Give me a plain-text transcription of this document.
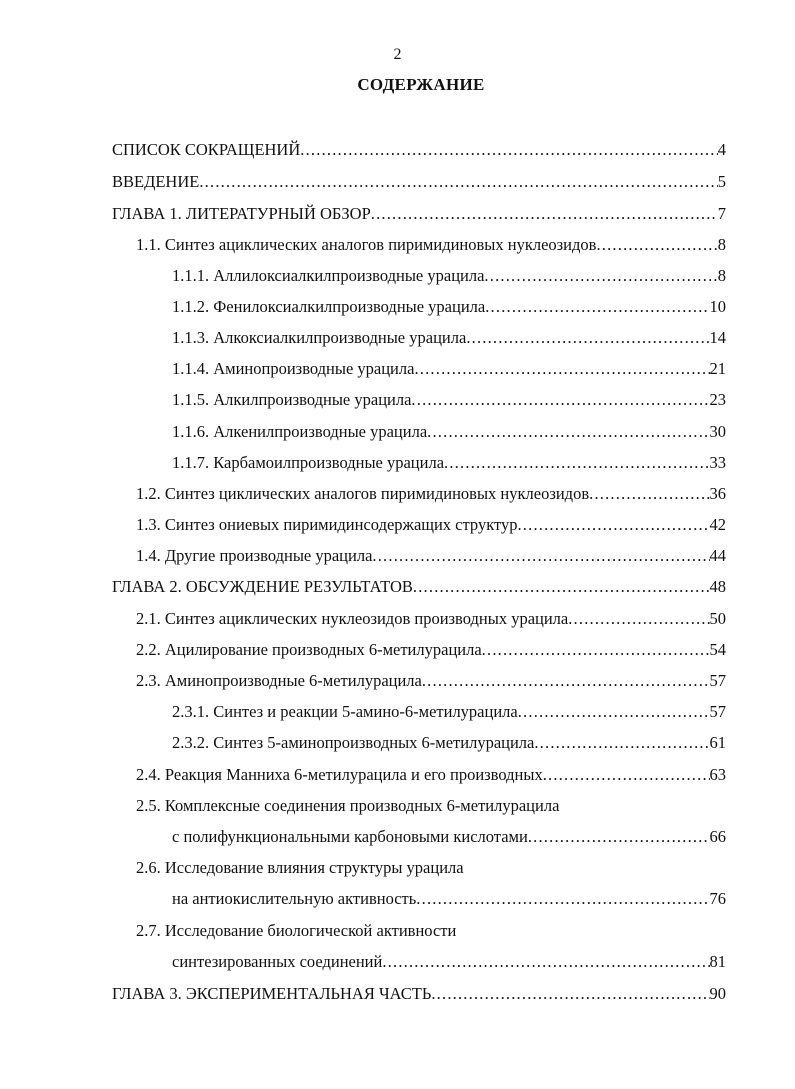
2
СОДЕРЖАНИЕ
СПИСОК СОКРАЩЕНИЙ .....	4
ВВЕДЕНИЕ .....	5
ГЛАВА 1. ЛИТЕРАТУРНЫЙ ОБЗОР .....	7
1.1. Синтез ациклических аналогов пиримидиновых нуклеозидов .....	8
1.1.1. Аллилоксиалкилпроизводные урацила .....	8
1.1.2. Фенилоксиалкилпроизводные урацила .....	10
1.1.3. Алкоксиалкилпроизводные урацила .....	14
1.1.4. Аминопроизводные урацила .....	21
1.1.5. Алкилпроизводные урацила .....	23
1.1.6. Алкенилпроизводные урацила .....	30
1.1.7. Карбамоилпроизводные урацила .....	33
1.2. Синтез циклических аналогов пиримидиновых нуклеозидов .....	36
1.3. Синтез ониевых пиримидинсодержащих структур .....	42
1.4. Другие производные урацила .....	44
ГЛАВА 2. ОБСУЖДЕНИЕ РЕЗУЛЬТАТОВ .....	48
2.1. Синтез ациклических нуклеозидов производных урацила .....	50
2.2. Ацилирование производных 6-метилурацила .....	54
2.3. Аминопроизводные 6-метилурацила .....	57
2.3.1. Синтез и реакции 5-амино-6-метилурацила .....	57
2.3.2. Синтез 5-аминопроизводных 6-метилурацила .....	61
2.4. Реакция Манниха 6-метилурацила и его производных .....	63
2.5. Комплексные соединения производных 6-метилурацила
с полифункциональными карбоновыми кислотами .....	66
2.6. Исследование влияния структуры урацила
на антиокислительную активность .....	76
2.7. Исследование биологической активности
синтезированных соединений .....	81
ГЛАВА 3. ЭКСПЕРИМЕНТАЛЬНАЯ ЧАСТЬ .....	90
